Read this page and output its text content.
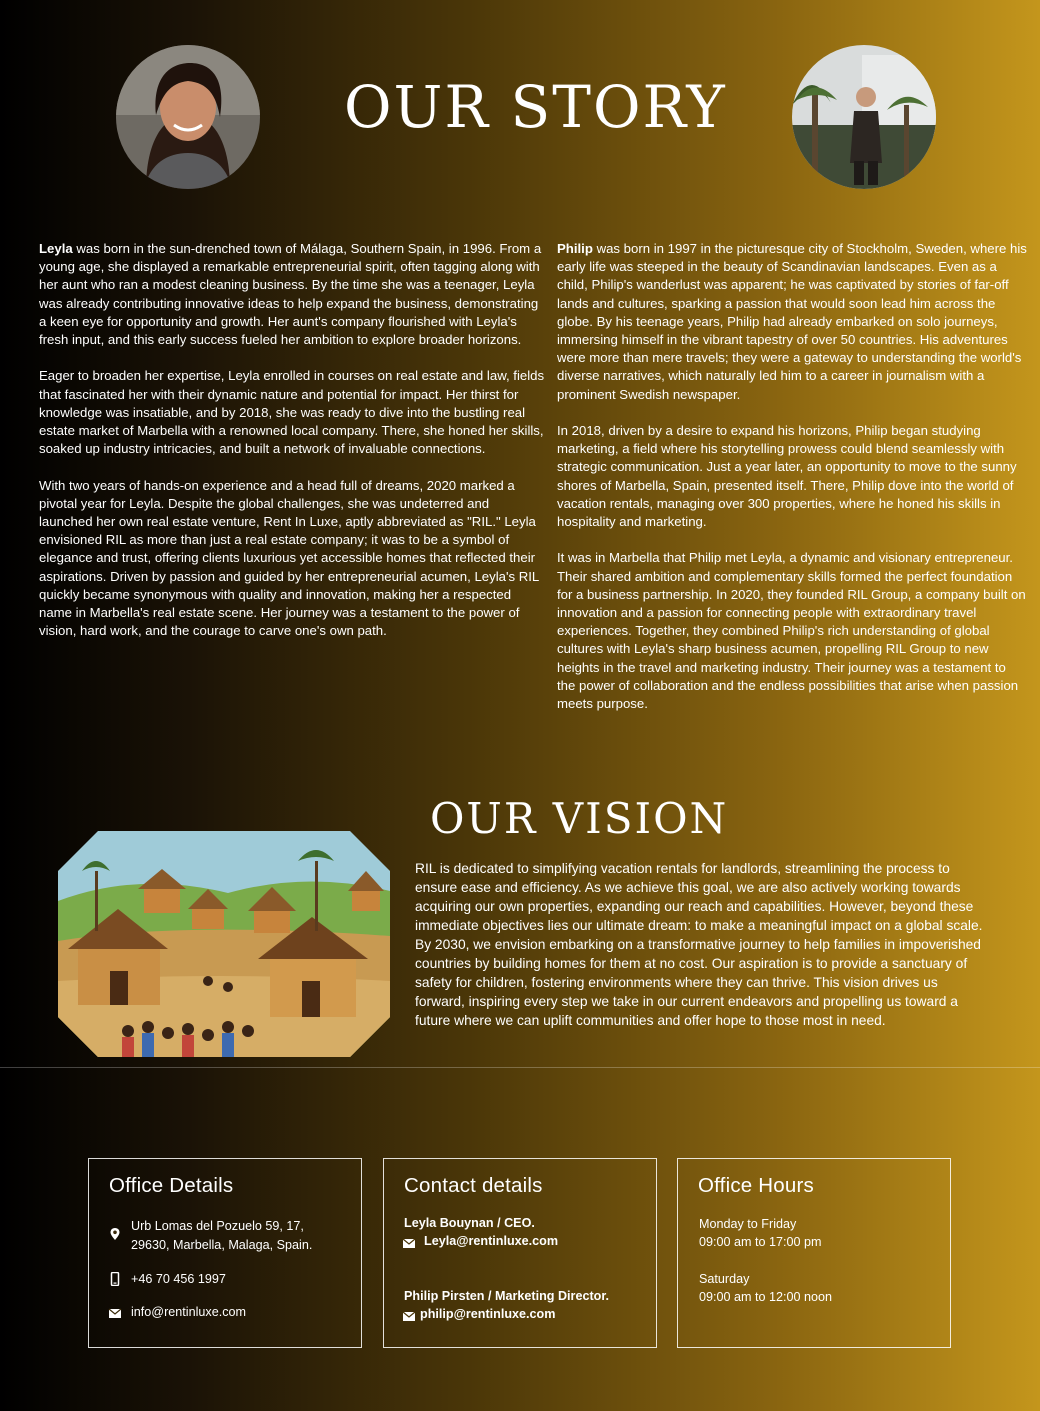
OUR STORY

Leyla was born in the sun-drenched town of Málaga, Southern Spain, in 1996. From a young age, she displayed a remarkable entrepreneurial spirit, often tagging along with her aunt who ran a modest cleaning business. By the time she was a teenager, Leyla was already contributing innovative ideas to help expand the business, demonstrating a keen eye for opportunity and growth. Her aunt's company flourished with Leyla's fresh input, and this early success fueled her ambition to explore broader horizons.

Eager to broaden her expertise, Leyla enrolled in courses on real estate and law, fields that fascinated her with their dynamic nature and potential for impact. Her thirst for knowledge was insatiable, and by 2018, she was ready to dive into the bustling real estate market of Marbella with a renowned local company. There, she honed her skills, soaked up industry intricacies, and built a network of invaluable connections.

With two years of hands-on experience and a head full of dreams, 2020 marked a pivotal year for Leyla. Despite the global challenges, she was undeterred and launched her own real estate venture, Rent In Luxe, aptly abbreviated as "RIL." Leyla envisioned RIL as more than just a real estate company; it was to be a symbol of elegance and trust, offering clients luxurious yet accessible homes that reflected their aspirations. Driven by passion and guided by her entrepreneurial acumen, Leyla's RIL quickly became synonymous with quality and innovation, making her a respected name in Marbella's real estate scene. Her journey was a testament to the power of vision, hard work, and the courage to carve one's own path.

Philip was born in 1997 in the picturesque city of Stockholm, Sweden, where his early life was steeped in the beauty of Scandinavian landscapes. Even as a child, Philip's wanderlust was apparent; he was captivated by stories of far-off lands and cultures, sparking a passion that would soon lead him across the globe. By his teenage years, Philip had already embarked on solo journeys, immersing himself in the vibrant tapestry of over 50 countries. His adventures were more than mere travels; they were a gateway to understanding the world's diverse narratives, which naturally led him to a career in journalism with a prominent Swedish newspaper.

In 2018, driven by a desire to expand his horizons, Philip began studying marketing, a field where his storytelling prowess could blend seamlessly with strategic communication. Just a year later, an opportunity to move to the sunny shores of Marbella, Spain, presented itself. There, Philip dove into the world of vacation rentals, managing over 300 properties, where he honed his skills in hospitality and marketing.

It was in Marbella that Philip met Leyla, a dynamic and visionary entrepreneur. Their shared ambition and complementary skills formed the perfect foundation for a business partnership. In 2020, they founded RIL Group, a company built on innovation and a passion for connecting people with extraordinary travel experiences. Together, they combined Philip's rich understanding of global cultures with Leyla's sharp business acumen, propelling RIL Group to new heights in the travel and marketing industry. Their journey was a testament to the power of collaboration and the endless possibilities that arise when passion meets purpose.

OUR VISION
RIL is dedicated to simplifying vacation rentals for landlords, streamlining the process to ensure ease and efficiency. As we achieve this goal, we are also actively working towards acquiring our own properties, expanding our reach and capabilities. However, beyond these immediate objectives lies our ultimate dream: to make a meaningful impact on a global scale. By 2030, we envision embarking on a transformative journey to help families in impoverished countries by building homes for them at no cost. Our aspiration is to provide a sanctuary of safety for children, fostering environments where they can thrive. This vision drives us forward, inspiring every step we take in our current endeavors and propelling us toward a future where we can uplift communities and offer hope to those most in need.
Office Details
Urb Lomas del Pozuelo 59, 17,
29630, Marbella, Malaga, Spain.
+46 70 456 1997
info@rentinluxe.com
Contact details
Leyla Bouynan / CEO.
Leyla@rentinluxe.com
Philip Pirsten / Marketing Director.
philip@rentinluxe.com
Office Hours
Monday to Friday
09:00 am to 17:00 pm
Saturday
09:00 am to 12:00 noon
